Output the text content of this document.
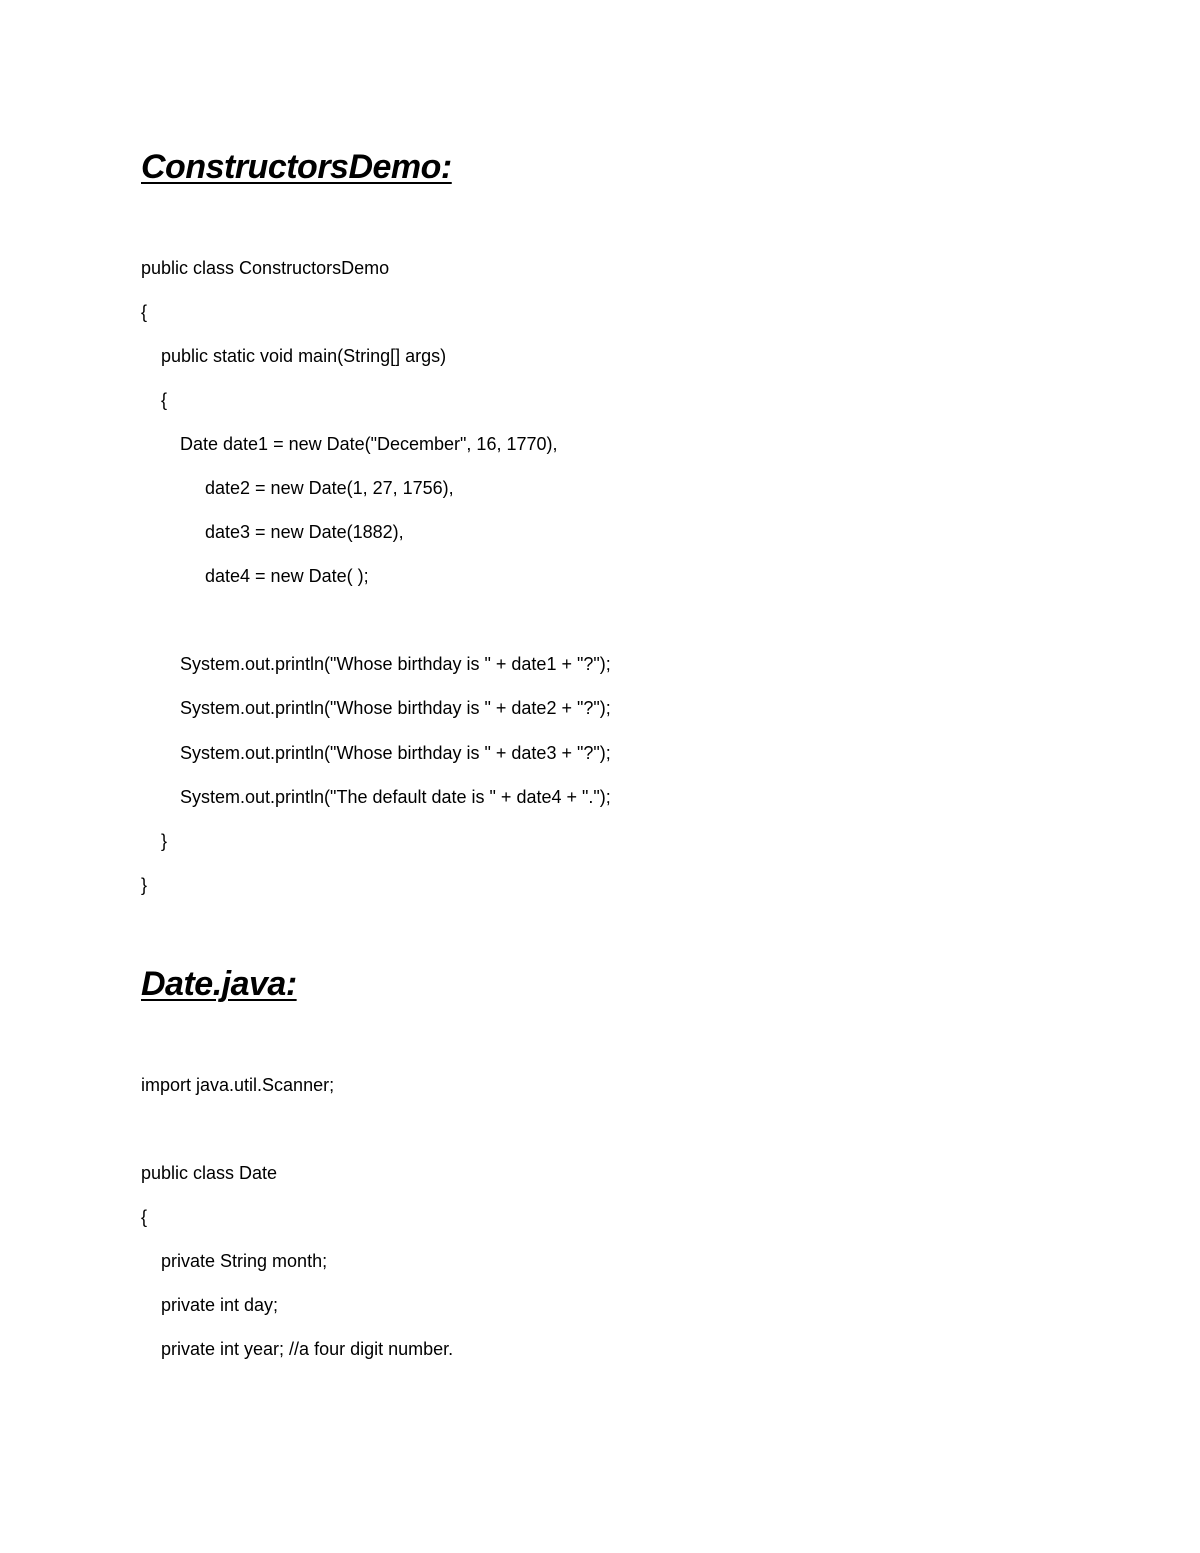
ConstructorsDemo:

public class ConstructorsDemo

{

public static void main(String[] args)

{

Date date1 = new Date("December", 16, 1770),

date2 = new Date(1, 27, 1756),

date3 = new Date(1882),

date4 = new Date( );

System.out.println("Whose birthday is " + date1 + "?");

System.out.println("Whose birthday is " + date2 + "?");

System.out.println("Whose birthday is " + date3 + "?");

System.out.println("The default date is " + date4 + ".");

}

}

Date.java:

import java.util.Scanner;

public class Date

{

private String month;

private int day;

private int year; //a four digit number.
